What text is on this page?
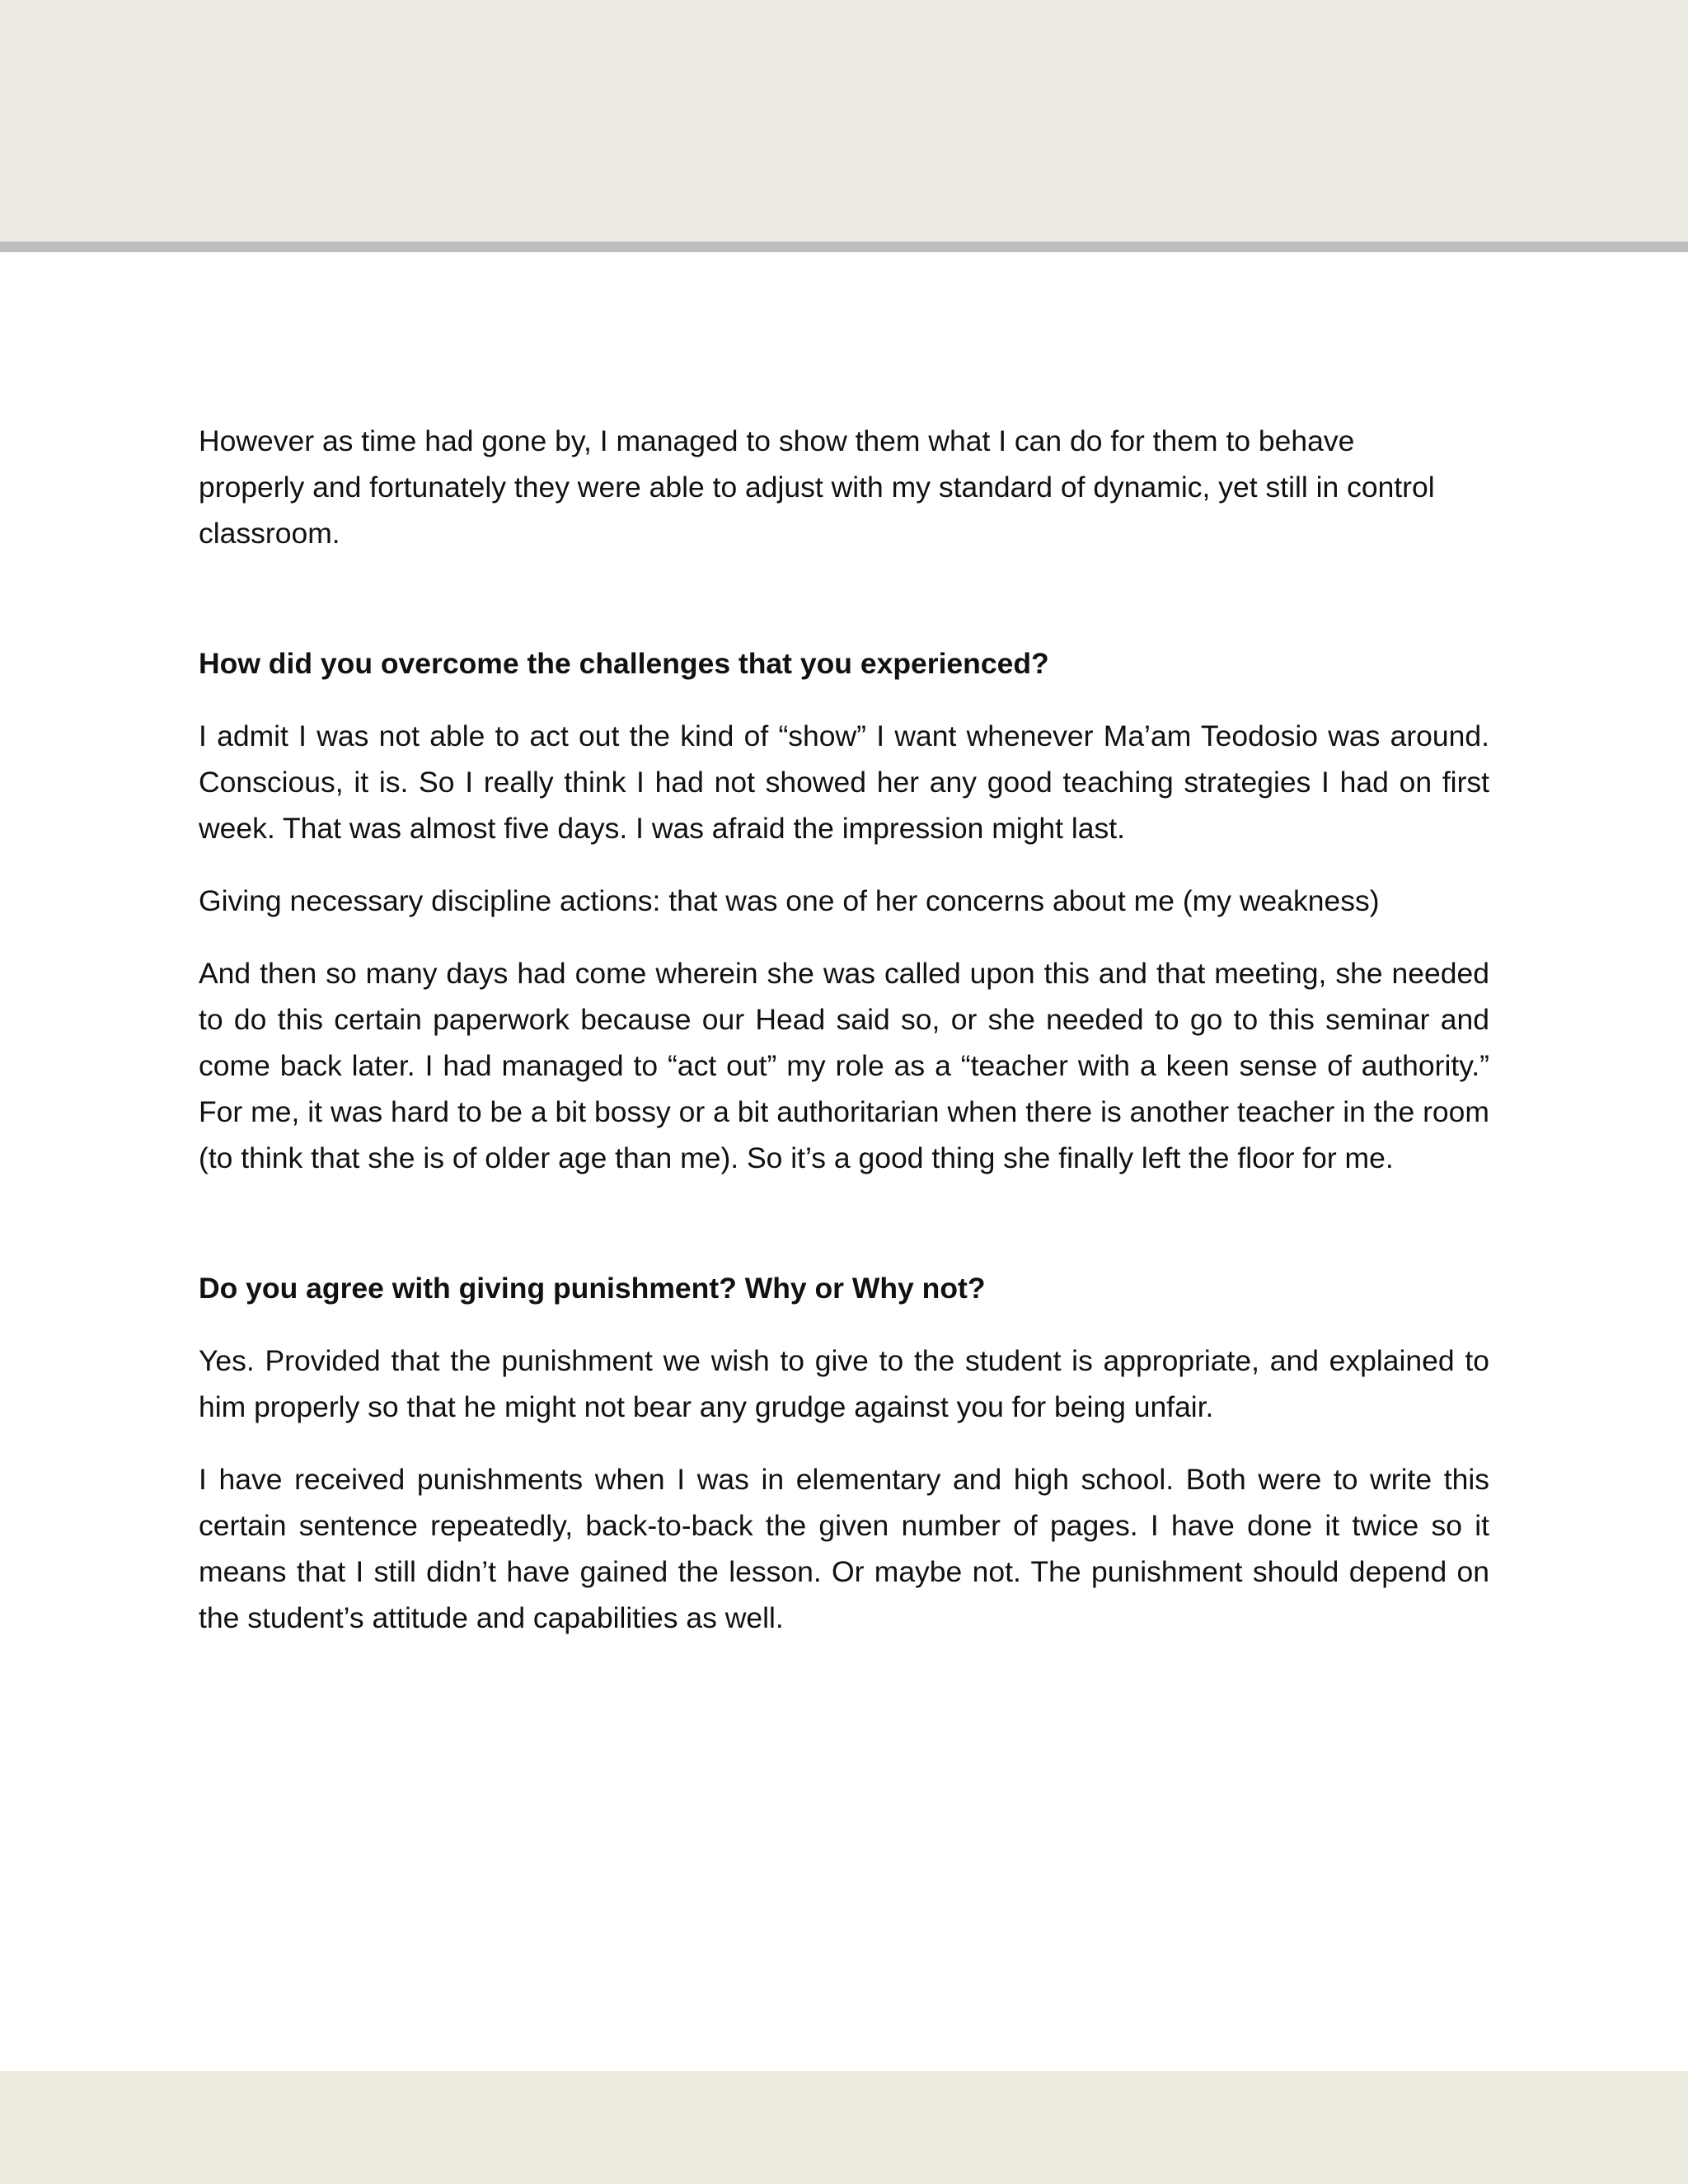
However as time had gone by, I managed to show them what I can do for them to behave properly and fortunately they were able to adjust with my standard of dynamic, yet still in control classroom.

How did you overcome the challenges that you experienced?

I admit I was not able to act out the kind of “show” I want whenever Ma’am Teodosio was around. Conscious, it is. So I really think I had not showed her any good teaching strategies I had on first week. That was almost five days. I was afraid the impression might last.

Giving necessary discipline actions: that was one of her concerns about me (my weakness)

And then so many days had come wherein she was called upon this and that meeting, she needed to do this certain paperwork because our Head said so, or she needed to go to this seminar and come back later. I had managed to “act out” my role as a “teacher with a keen sense of authority.” For me, it was hard to be a bit bossy or a bit authoritarian when there is another teacher in the room (to think that she is of older age than me). So it’s a good thing she finally left the floor for me.

Do you agree with giving punishment? Why or Why not?

Yes. Provided that the punishment we wish to give to the student is appropriate, and explained to him properly so that he might not bear any grudge against you for being unfair.

I have received punishments when I was in elementary and high school. Both were to write this certain sentence repeatedly, back-to-back the given number of pages. I have done it twice so it means that I still didn’t have gained the lesson. Or maybe not. The punishment should depend on the student’s attitude and capabilities as well.
